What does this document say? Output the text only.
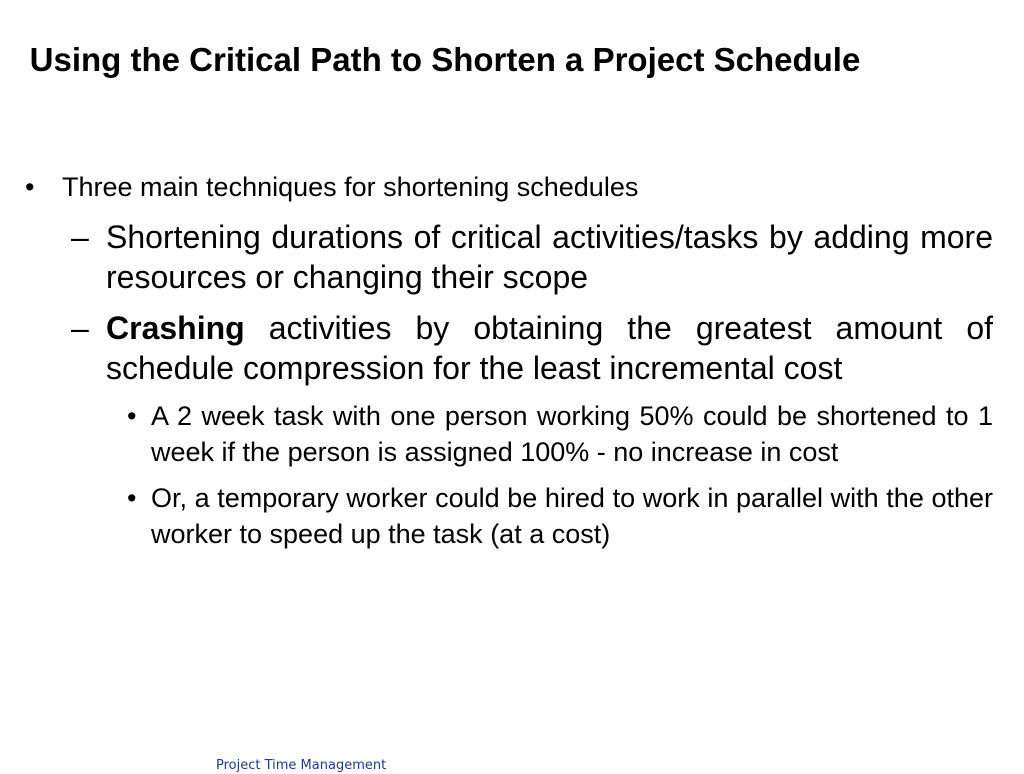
Using the Critical Path to Shorten a Project Schedule
• Three main techniques for shortening schedules
– Shortening durations of critical activities/tasks by adding more resources or changing their scope
– Crashing activities by obtaining the greatest amount of schedule compression for the least incremental cost
• A 2 week task with one person working 50% could be shortened to 1 week if the person is assigned 100% - no increase in cost
• Or, a temporary worker could be hired to work in parallel with the other worker to speed up the task (at a cost)
Project Time Management
